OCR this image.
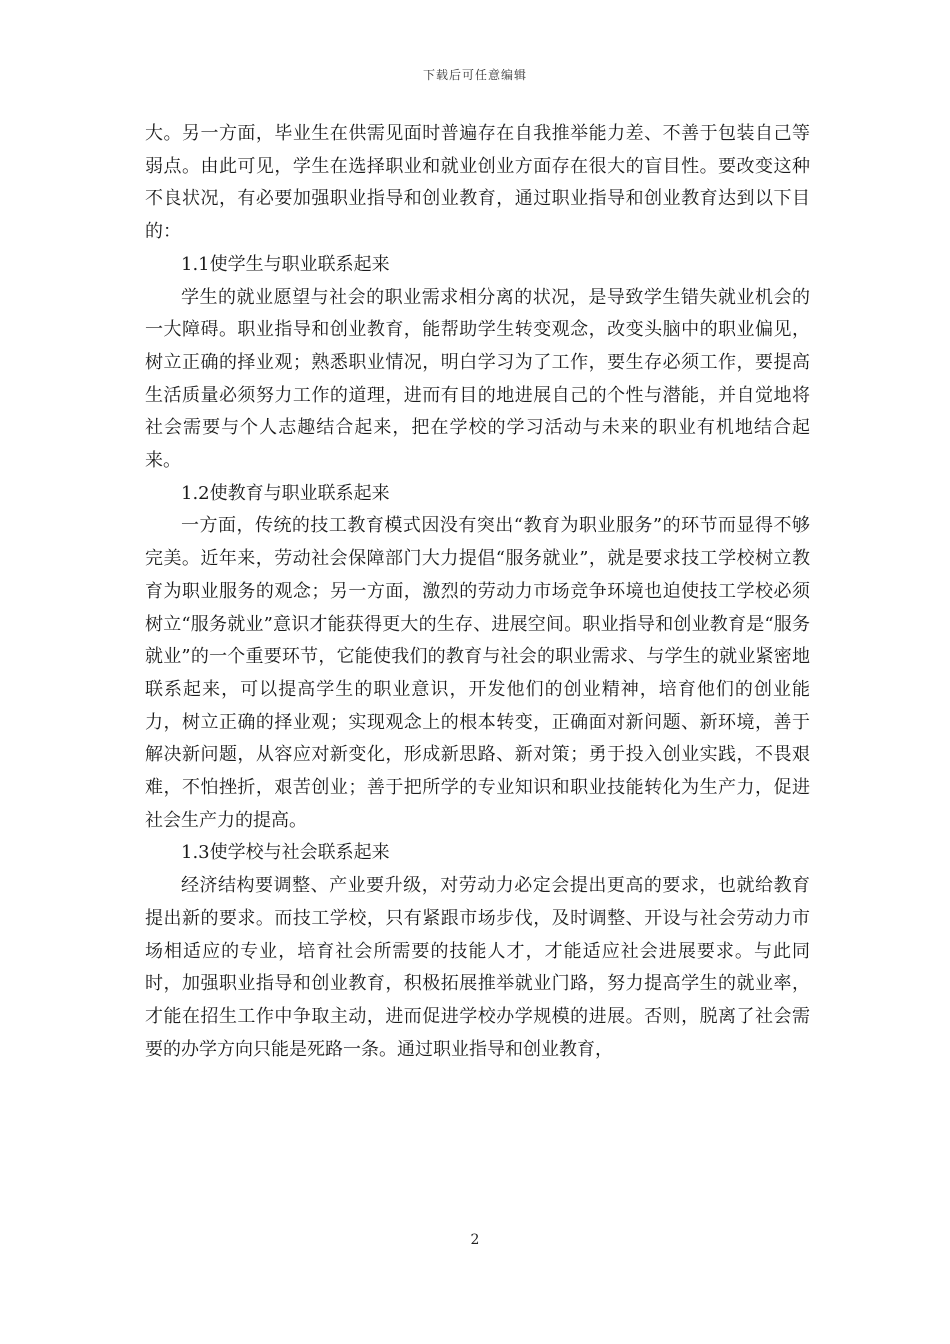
下载后可任意编辑

大。另一方面，毕业生在供需见面时普遍存在自我推举能力差、不善于包装自己等弱点。由此可见，学生在选择职业和就业创业方面存在很大的盲目性。要改变这种不良状况，有必要加强职业指导和创业教育，通过职业指导和创业教育达到以下目的：

1.1使学生与职业联系起来

学生的就业愿望与社会的职业需求相分离的状况，是导致学生错失就业机会的一大障碍。职业指导和创业教育，能帮助学生转变观念，改变头脑中的职业偏见，树立正确的择业观；熟悉职业情况，明白学习为了工作，要生存必须工作，要提高生活质量必须努力工作的道理，进而有目的地进展自己的个性与潜能，并自觉地将社会需要与个人志趣结合起来，把在学校的学习活动与未来的职业有机地结合起来。

1.2使教育与职业联系起来

一方面，传统的技工教育模式因没有突出“教育为职业服务”的环节而显得不够完美。近年来，劳动社会保障部门大力提倡“服务就业”，就是要求技工学校树立教育为职业服务的观念；另一方面，激烈的劳动力市场竞争环境也迫使技工学校必须树立“服务就业”意识才能获得更大的生存、进展空间。职业指导和创业教育是“服务就业”的一个重要环节，它能使我们的教育与社会的职业需求、与学生的就业紧密地联系起来，可以提高学生的职业意识，开发他们的创业精神，培育他们的创业能力，树立正确的择业观；实现观念上的根本转变，正确面对新问题、新环境，善于解决新问题，从容应对新变化，形成新思路、新对策；勇于投入创业实践，不畏艰难，不怕挫折，艰苦创业；善于把所学的专业知识和职业技能转化为生产力，促进社会生产力的提高。

1.3使学校与社会联系起来

经济结构要调整、产业要升级，对劳动力必定会提出更高的要求，也就给教育提出新的要求。而技工学校，只有紧跟市场步伐，及时调整、开设与社会劳动力市场相适应的专业，培育社会所需要的技能人才，才能适应社会进展要求。与此同时，加强职业指导和创业教育，积极拓展推举就业门路，努力提高学生的就业率，才能在招生工作中争取主动，进而促进学校办学规模的进展。否则，脱离了社会需要的办学方向只能是死路一条。通过职业指导和创业教育，

2
